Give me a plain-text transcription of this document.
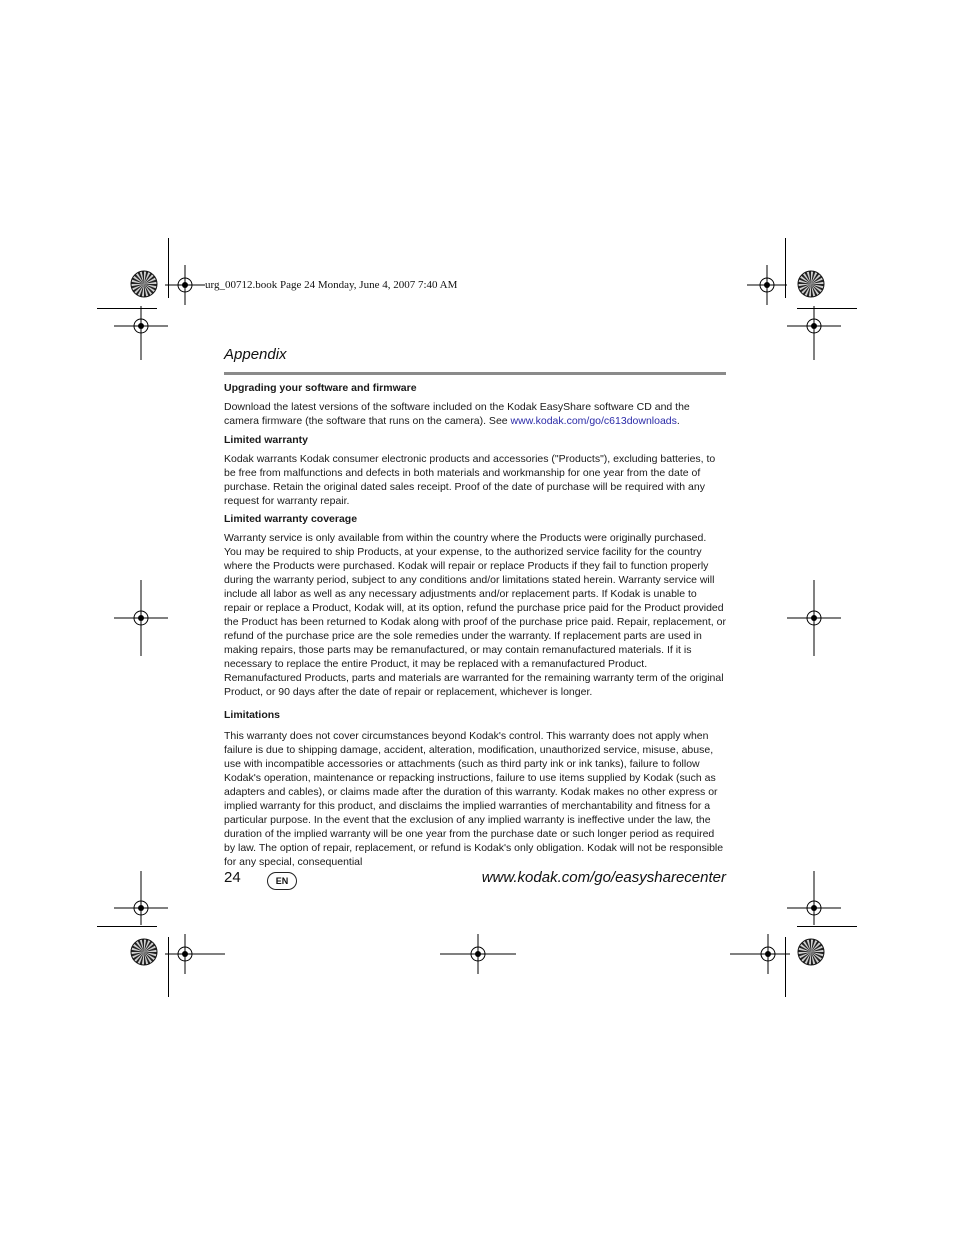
urg_00712.book Page 24 Monday, June 4, 2007 7:40 AM
Appendix
Upgrading your software and firmware

Download the latest versions of the software included on the Kodak EasyShare software CD and the camera firmware (the software that runs on the camera). See www.kodak.com/go/c613downloads.

Limited warranty

Kodak warrants Kodak consumer electronic products and accessories ("Products"), excluding batteries, to be free from malfunctions and defects in both materials and workmanship for one year from the date of purchase. Retain the original dated sales receipt. Proof of the date of purchase will be required with any request for warranty repair.

Limited warranty coverage

Warranty service is only available from within the country where the Products were originally purchased. You may be required to ship Products, at your expense, to the authorized service facility for the country where the Products were purchased. Kodak will repair or replace Products if they fail to function properly during the warranty period, subject to any conditions and/or limitations stated herein. Warranty service will include all labor as well as any necessary adjustments and/or replacement parts. If Kodak is unable to repair or replace a Product, Kodak will, at its option, refund the purchase price paid for the Product provided the Product has been returned to Kodak along with proof of the purchase price paid. Repair, replacement, or refund of the purchase price are the sole remedies under the warranty. If replacement parts are used in making repairs, those parts may be remanufactured, or may contain remanufactured materials. If it is necessary to replace the entire Product, it may be replaced with a remanufactured Product. Remanufactured Products, parts and materials are warranted for the remaining warranty term of the original Product, or 90 days after the date of repair or replacement, whichever is longer.

Limitations

This warranty does not cover circumstances beyond Kodak's control. This warranty does not apply when failure is due to shipping damage, accident, alteration, modification, unauthorized service, misuse, abuse, use with incompatible accessories or attachments (such as third party ink or ink tanks), failure to follow Kodak's operation, maintenance or repacking instructions, failure to use items supplied by Kodak (such as adapters and cables), or claims made after the duration of this warranty. Kodak makes no other express or implied warranty for this product, and disclaims the implied warranties of merchantability and fitness for a particular purpose. In the event that the exclusion of any implied warranty is ineffective under the law, the duration of the implied warranty will be one year from the purchase date or such longer period as required by law. The option of repair, replacement, or refund is Kodak's only obligation. Kodak will not be responsible for any special, consequential

24	EN	www.kodak.com/go/easysharecenter
